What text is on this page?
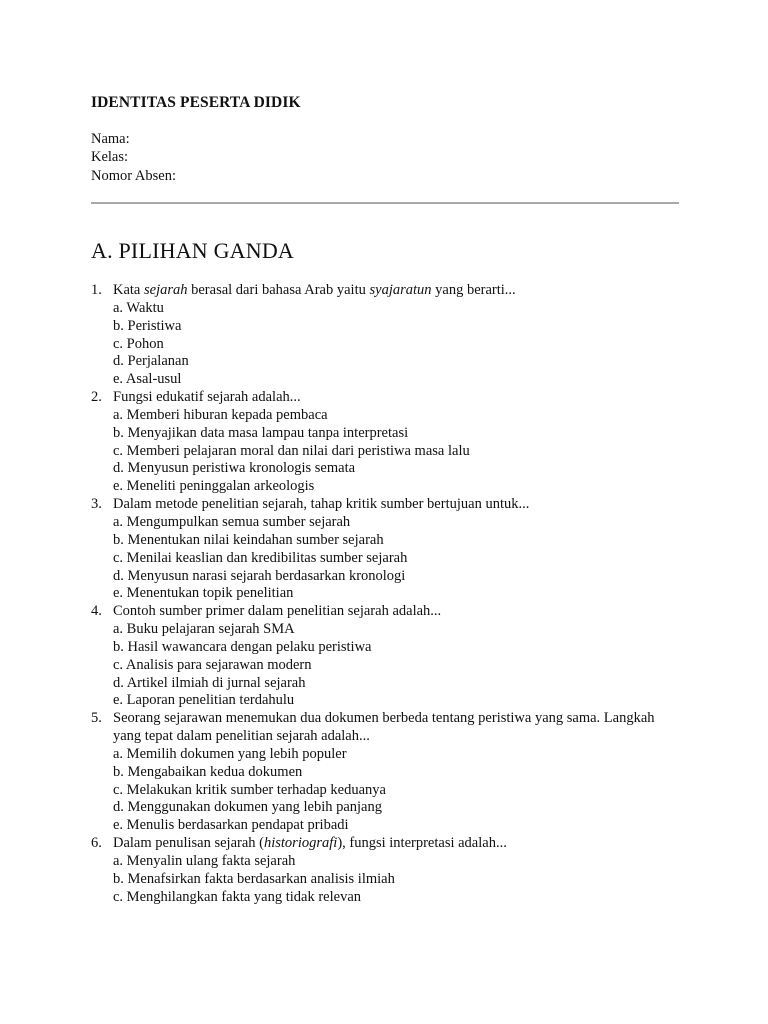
IDENTITAS PESERTA DIDIK
Nama:
Kelas:
Nomor Absen:
A. PILIHAN GANDA
1. Kata sejarah berasal dari bahasa Arab yaitu syajaratun yang berarti...
a. Waktu
b. Peristiwa
c. Pohon
d. Perjalanan
e. Asal-usul
2. Fungsi edukatif sejarah adalah...
a. Memberi hiburan kepada pembaca
b. Menyajikan data masa lampau tanpa interpretasi
c. Memberi pelajaran moral dan nilai dari peristiwa masa lalu
d. Menyusun peristiwa kronologis semata
e. Meneliti peninggalan arkeologis
3. Dalam metode penelitian sejarah, tahap kritik sumber bertujuan untuk...
a. Mengumpulkan semua sumber sejarah
b. Menentukan nilai keindahan sumber sejarah
c. Menilai keaslian dan kredibilitas sumber sejarah
d. Menyusun narasi sejarah berdasarkan kronologi
e. Menentukan topik penelitian
4. Contoh sumber primer dalam penelitian sejarah adalah...
a. Buku pelajaran sejarah SMA
b. Hasil wawancara dengan pelaku peristiwa
c. Analisis para sejarawan modern
d. Artikel ilmiah di jurnal sejarah
e. Laporan penelitian terdahulu
5. Seorang sejarawan menemukan dua dokumen berbeda tentang peristiwa yang sama. Langkah yang tepat dalam penelitian sejarah adalah...
a. Memilih dokumen yang lebih populer
b. Mengabaikan kedua dokumen
c. Melakukan kritik sumber terhadap keduanya
d. Menggunakan dokumen yang lebih panjang
e. Menulis berdasarkan pendapat pribadi
6. Dalam penulisan sejarah (historiografi), fungsi interpretasi adalah...
a. Menyalin ulang fakta sejarah
b. Menafsirkan fakta berdasarkan analisis ilmiah
c. Menghilangkan fakta yang tidak relevan
